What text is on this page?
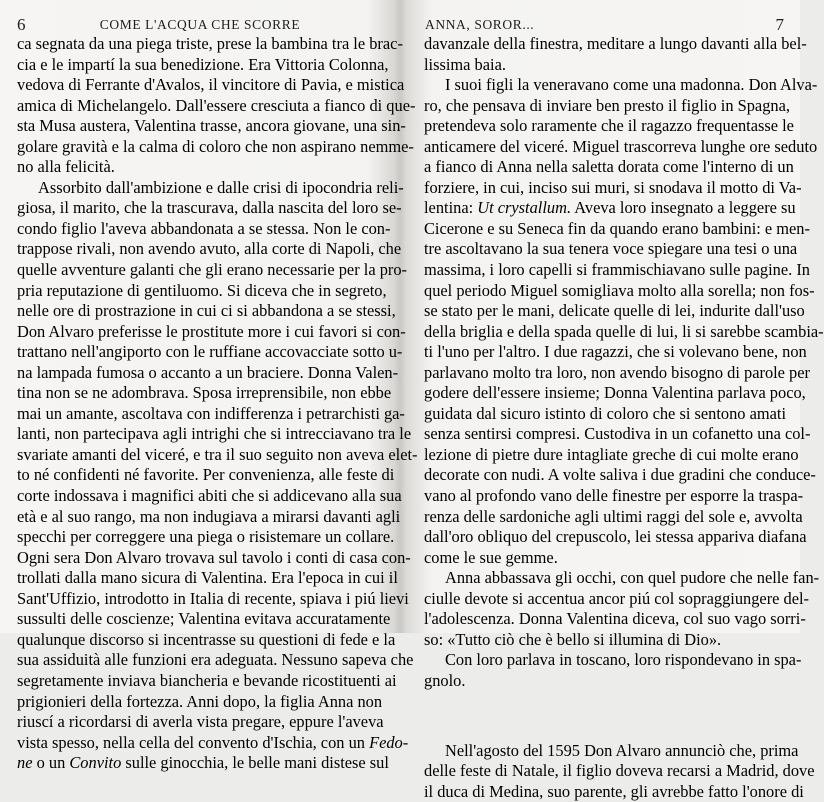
6	COME L'ACQUA CHE SCORRE
ca segnata da una piega triste, prese la bambina tra le brac-
cia e le impartí la sua benedizione. Era Vittoria Colonna,
vedova di Ferrante d'Avalos, il vincitore di Pavia, e mistica
amica di Michelangelo. Dall'essere cresciuta a fianco di que-
sta Musa austera, Valentina trasse, ancora giovane, una sin-
golare gravità e la calma di coloro che non aspirano nemme-
no alla felicità.
Assorbito dall'ambizione e dalle crisi di ipocondria reli-
giosa, il marito, che la trascurava, dalla nascita del loro se-
condo figlio l'aveva abbandonata a se stessa. Non le con-
trappose rivali, non avendo avuto, alla corte di Napoli, che
quelle avventure galanti che gli erano necessarie per la pro-
pria reputazione di gentiluomo. Si diceva che in segreto,
nelle ore di prostrazione in cui ci si abbandona a se stessi,
Don Alvaro preferisse le prostitute more i cui favori si con-
trattano nell'angiporto con le ruffiane accovacciate sotto u-
na lampada fumosa o accanto a un braciere. Donna Valen-
tina non se ne adombrava. Sposa irreprensibile, non ebbe
mai un amante, ascoltava con indifferenza i petrarchisti ga-
lanti, non partecipava agli intrighi che si intrecciavano tra le
svariate amanti del viceré, e tra il suo seguito non aveva elet-
to né confidenti né favorite. Per convenienza, alle feste di
corte indossava i magnifici abiti che si addicevano alla sua
età e al suo rango, ma non indugiava a mirarsi davanti agli
specchi per correggere una piega o risistemare un collare.
Ogni sera Don Alvaro trovava sul tavolo i conti di casa con-
trollati dalla mano sicura di Valentina. Era l'epoca in cui il
Sant'Uffizio, introdotto in Italia di recente, spiava i piú lievi
sussulti delle coscienze; Valentina evitava accuratamente
qualunque discorso si incentrasse su questioni di fede e la
sua assiduità alle funzioni era adeguata. Nessuno sapeva che
segretamente inviava biancheria e bevande ricostituenti ai
prigionieri della fortezza. Anni dopo, la figlia Anna non
riuscí a ricordarsi di averla vista pregare, eppure l'aveva
vista spesso, nella cella del convento d'Ischia, con un Fedo-
ne o un Convito sulle ginocchia, le belle mani distese sul
ANNA, SOROR...	7
davanzale della finestra, meditare a lungo davanti alla bel-
lissima baia.
I suoi figli la veneravano come una madonna. Don Alva-
ro, che pensava di inviare ben presto il figlio in Spagna,
pretendeva solo raramente che il ragazzo frequentasse le
anticamere del viceré. Miguel trascorreva lunghe ore seduto
a fianco di Anna nella saletta dorata come l'interno di un
forziere, in cui, inciso sui muri, si snodava il motto di Va-
lentina: Ut crystallum. Aveva loro insegnato a leggere su
Cicerone e su Seneca fin da quando erano bambini: e men-
tre ascoltavano la sua tenera voce spiegare una tesi o una
massima, i loro capelli si frammischiavano sulle pagine. In
quel periodo Miguel somigliava molto alla sorella; non fos-
se stato per le mani, delicate quelle di lei, indurite dall'uso
della briglia e della spada quelle di lui, li si sarebbe scambia-
ti l'uno per l'altro. I due ragazzi, che si volevano bene, non
parlavano molto tra loro, non avendo bisogno di parole per
godere dell'essere insieme; Donna Valentina parlava poco,
guidata dal sicuro istinto di coloro che si sentono amati
senza sentirsi compresi. Custodiva in un cofanetto una col-
lezione di pietre dure intagliate greche di cui molte erano
decorate con nudi. A volte saliva i due gradini che conduce-
vano al profondo vano delle finestre per esporre la traspa-
renza delle sardoniche agli ultimi raggi del sole e, avvolta
dall'oro obliquo del crepuscolo, lei stessa appariva diafana
come le sue gemme.
Anna abbassava gli occhi, con quel pudore che nelle fan-
ciulle devote si accentua ancor piú col sopraggiungere del-
l'adolescenza. Donna Valentina diceva, col suo vago sorri-
so: «Tutto ciò che è bello si illumina di Dio».
Con loro parlava in toscano, loro rispondevano in spa-
gnolo.
Nell'agosto del 1595 Don Alvaro annunciò che, prima
delle feste di Natale, il figlio doveva recarsi a Madrid, dove
il duca di Medina, suo parente, gli avrebbe fatto l'onore di
